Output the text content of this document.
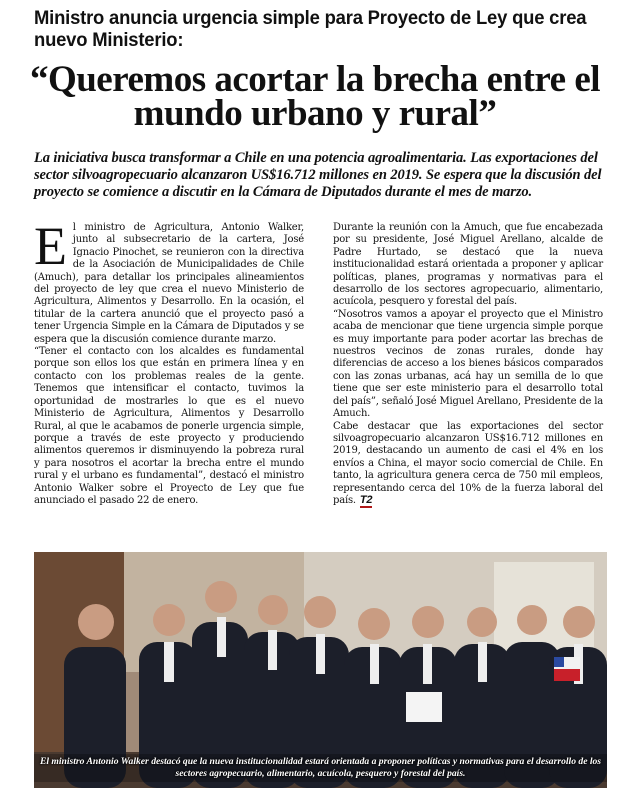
Ministro anuncia urgencia simple para Proyecto de Ley que crea nuevo Ministerio:
“Queremos acortar la brecha entre el mundo urbano y rural”
La iniciativa busca transformar a Chile en una potencia agroalimentaria. Las exportaciones del sector silvoagropecuario alcanzaron US$16.712 millones en 2019. Se espera que la discusión del proyecto se comience a discutir en la Cámara de Diputados durante el mes de marzo.
E l ministro de Agricultura, Antonio Walker, junto al subsecretario de la cartera, José Ignacio Pinochet, se reunieron con la directiva de la Asociación de Municipalidades de Chile (Amuch), para detallar los principales alineamientos del proyecto de ley que crea el nuevo Ministerio de Agricultura, Alimentos y Desarrollo. En la ocasión, el titular de la cartera anunció que el proyecto pasó a tener Urgencia Simple en la Cámara de Diputados y se espera que la discusión comience durante marzo.

“Tener el contacto con los alcaldes es fundamental porque son ellos los que están en primera línea y en contacto con los problemas reales de la gente. Tenemos que intensificar el contacto, tuvimos la oportunidad de mostrarles lo que es el nuevo Ministerio de Agricultura, Alimentos y Desarrollo Rural, al que le acabamos de ponerle urgencia simple, porque a través de este proyecto y produciendo alimentos queremos ir disminuyendo la pobreza rural y para nosotros el acortar la brecha entre el mundo rural y el urbano es fundamental”, destacó el ministro Antonio Walker sobre el Proyecto de Ley que fue anunciado el pasado 22 de enero.

Durante la reunión con la Amuch, que fue encabezada por su presidente, José Miguel Arellano, alcalde de Padre Hurtado, se destacó que la nueva institucionalidad estará orientada a proponer y aplicar políticas, planes, programas y normativas para el desarrollo de los sectores agropecuario, alimentario, acuícola, pesquero y forestal del país.

“Nosotros vamos a apoyar el proyecto que el Ministro acaba de mencionar que tiene urgencia simple porque es muy importante para poder acortar las brechas de nuestros vecinos de zonas rurales, donde hay diferencias de acceso a los bienes básicos comparados con las zonas urbanas, acá hay un semilla de lo que tiene que ser este ministerio para el desarrollo total del país”, señaló José Miguel Arellano, Presidente de la Amuch.

Cabe destacar que las exportaciones del sector silvoagropecuario alcanzaron US$16.712 millones en 2019, destacando un aumento de casi el 4% en los envíos a China, el mayor socio comercial de Chile. En tanto, la agricultura genera cerca de 750 mil empleos, representando cerca del 10% de la fuerza laboral del país. T2

El ministro Antonio Walker destacó que la nueva institucionalidad estará orientada a proponer políticas y normativas para el desarrollo de los sectores agropecuario, alimentario, acuícola, pesquero y forestal del país.
